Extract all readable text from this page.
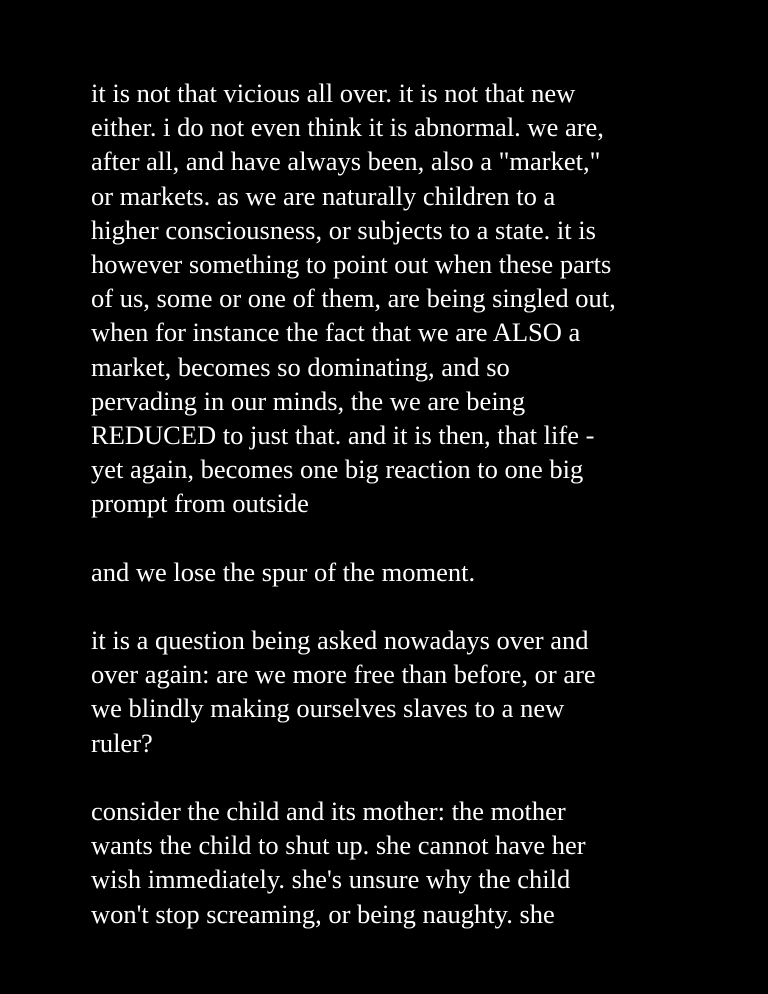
it is not that vicious all over. it is not that new
either. i do not even think it is abnormal. we are,
after all, and have always been, also a "market,"
or markets. as we are naturally children to a
higher consciousness, or subjects to a state. it is
however something to point out when these parts
of us, some or one of them, are being singled out,
when for instance the fact that we are ALSO a
market, becomes so dominating, and so
pervading in our minds, the we are being
REDUCED to just that. and it is then, that life -
yet again, becomes one big reaction to one big
prompt from outside
and we lose the spur of the moment.
it is a question being asked nowadays over and
over again: are we more free than before, or are
we blindly making ourselves slaves to a new
ruler?
consider the child and its mother: the mother
wants the child to shut up. she cannot have her
wish immediately. she's unsure why the child
won't stop screaming, or being naughty. she
